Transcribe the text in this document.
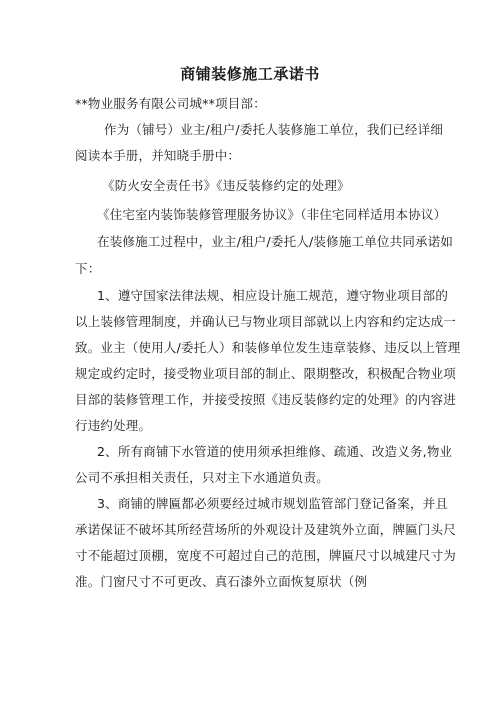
商铺装修施工承诺书
**物业服务有限公司城**项目部：
作为（铺号）业主/租户/委托人装修施工单位，我们已经详细
阅读本手册，并知晓手册中：
《防火安全责任书》《违反装修约定的处理》
《住宅室内装饰装修管理服务协议》（非住宅同样适用本协议）
在装修施工过程中，业主/租户/委托人/装修施工单位共同承诺如
下：
1、遵守国家法律法规、相应设计施工规范，遵守物业项目部的
以上装修管理制度，并确认已与物业项目部就以上内容和约定达成一
致。业主（使用人/委托人）和装修单位发生违章装修、违反以上管理
规定或约定时，接受物业项目部的制止、限期整改，积极配合物业项
目部的装修管理工作，并接受按照《违反装修约定的处理》的内容进
行违约处理。
2、所有商铺下水管道的使用须承担维修、疏通、改造义务,物业
公司不承担相关责任，只对主下水通道负责。
3、商铺的牌匾都必须要经过城市规划监管部门登记备案，并且
承诺保证不破坏其所经营场所的外观设计及建筑外立面，牌匾门头尺
寸不能超过顶棚，宽度不可超过自己的范围，牌匾尺寸以城建尺寸为
准。门窗尺寸不可更改、真石漆外立面恢复原状（例
